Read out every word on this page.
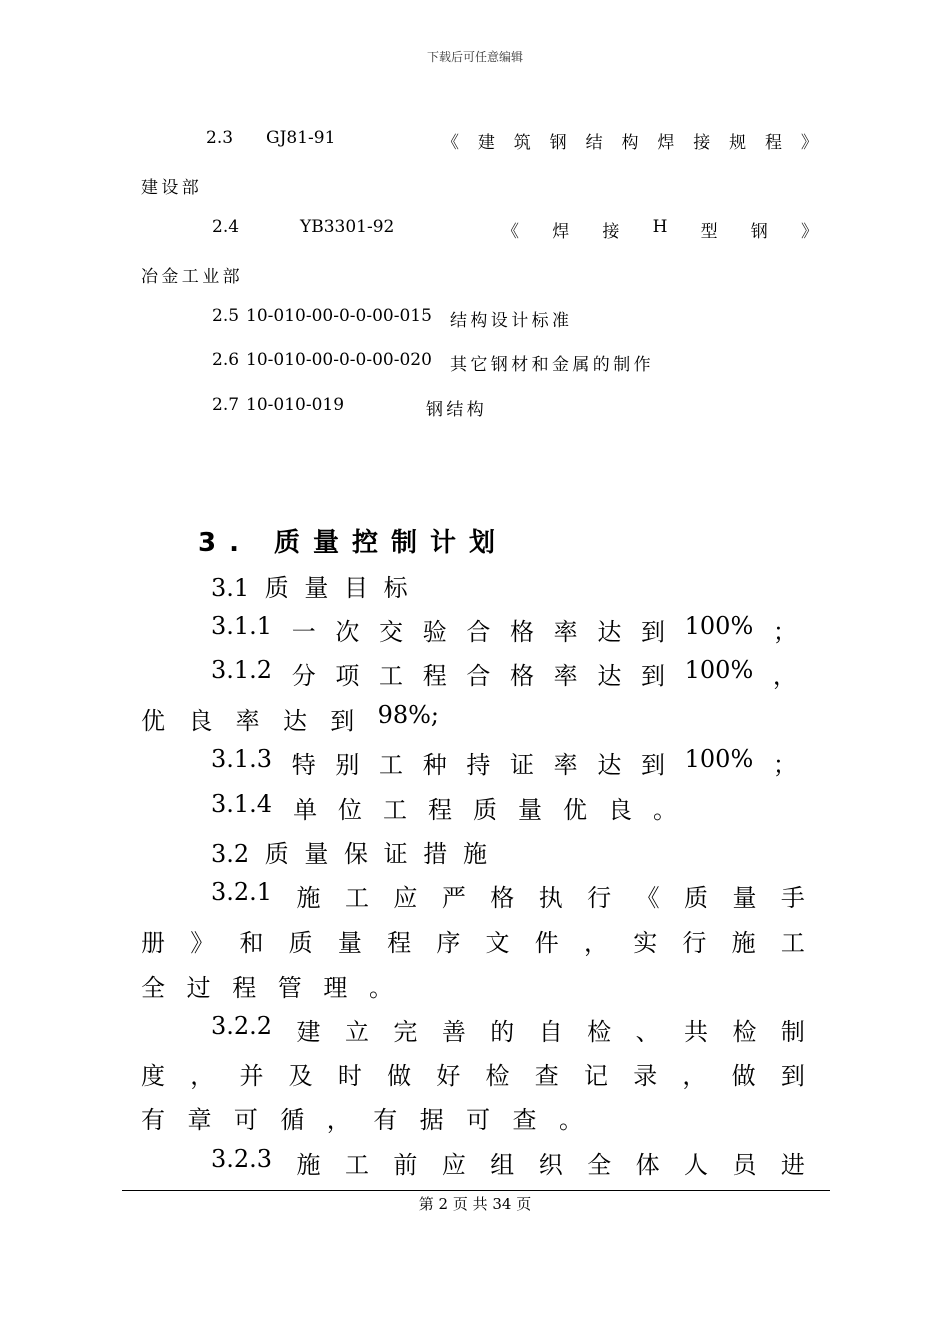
下载后可任意编辑
2.3 GJ81-91	《 建 筑 钢 结 构 焊 接 规 程 》
建设部
2.4	YB3301-92	《 焊 接 H 型 钢 》
冶金工业部
2.5 10-010-00-0-0-00-015 结构设计标准
2.6 10-010-00-0-0-00-020 其它钢材和金属的制作
2.7 10-010-019	钢结构
3. 质量控制计划
3.1 质 量 目 标
3.1.1 一 次 交 验 合 格 率 达 到 100% ；
3.1.2 分 项 工 程 合 格 率 达 到 100% ，
优 良 率 达 到 98%;
3.1.3 特 别 工 种 持 证 率 达 到 100% ；
3.1.4 单 位 工 程 质 量 优 良 。
3.2 质 量 保 证 措 施
3.2.1 施 工 应 严 格 执 行 《 质 量 手
册 》 和 质 量 程 序 文 件 ， 实 行 施 工
全 过 程 管 理 。
3.2.2 建 立 完 善 的 自 检 、 共 检 制
度 ， 并 及 时 做 好 检 查 记 录 ， 做 到
有 章 可 循 ， 有 据 可 查 。
3.2.3 施 工 前 应 组 织 全 体 人 员 进
第 2 页 共 34 页
